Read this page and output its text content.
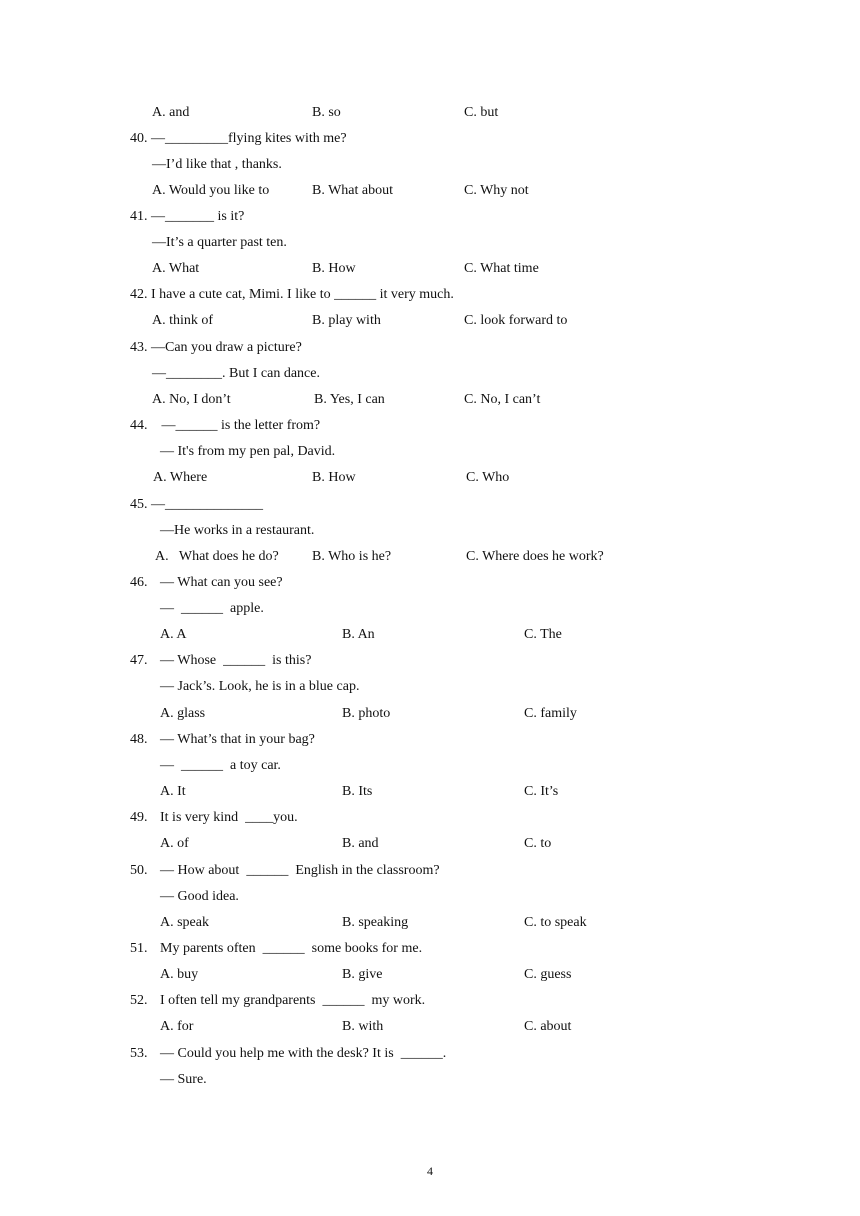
A. and	B. so	C. but
40. —_________flying kites with me?
—I’d like that , thanks.
A. Would you like to	B. What about	C. Why not
41. —_______ is it?
—It’s a quarter past ten.
A. What	B. How	C. What time
42. I have a cute cat, Mimi. I like to ______ it very much.
A. think of	B. play with	C. look forward to
43. —Can you draw a picture?
—________. But I can dance.
A. No, I don’t	B. Yes, I can	C. No, I can’t
44.    —______ is the letter from?
— It's from my pen pal, David.
A. Where	B. How	C. Who
45. —______________
—He works in a restaurant.
A.   What does he do? B. Who is he?	C. Where does he work?
46. — What can you see?
—  ______  apple.
A. A	B. An	C. The
47. — Whose  ______  is this?
— Jack’s. Look, he is in a blue cap.
A. glass	B. photo	C. family
48. — What’s that in your bag?
—  ______  a toy car.
A. It	B. Its	C. It’s
49. It is very kind  ____you.
A. of	B. and	C. to
50. — How about  ______  English in the classroom?
— Good idea.
A. speak	B. speaking	C. to speak
51. My parents often  ______  some books for me.
A. buy	B. give	C. guess
52. I often tell my grandparents  ______  my work.
A. for	B. with	C. about
53. — Could you help me with the desk? It is  ______.
— Sure.
4
